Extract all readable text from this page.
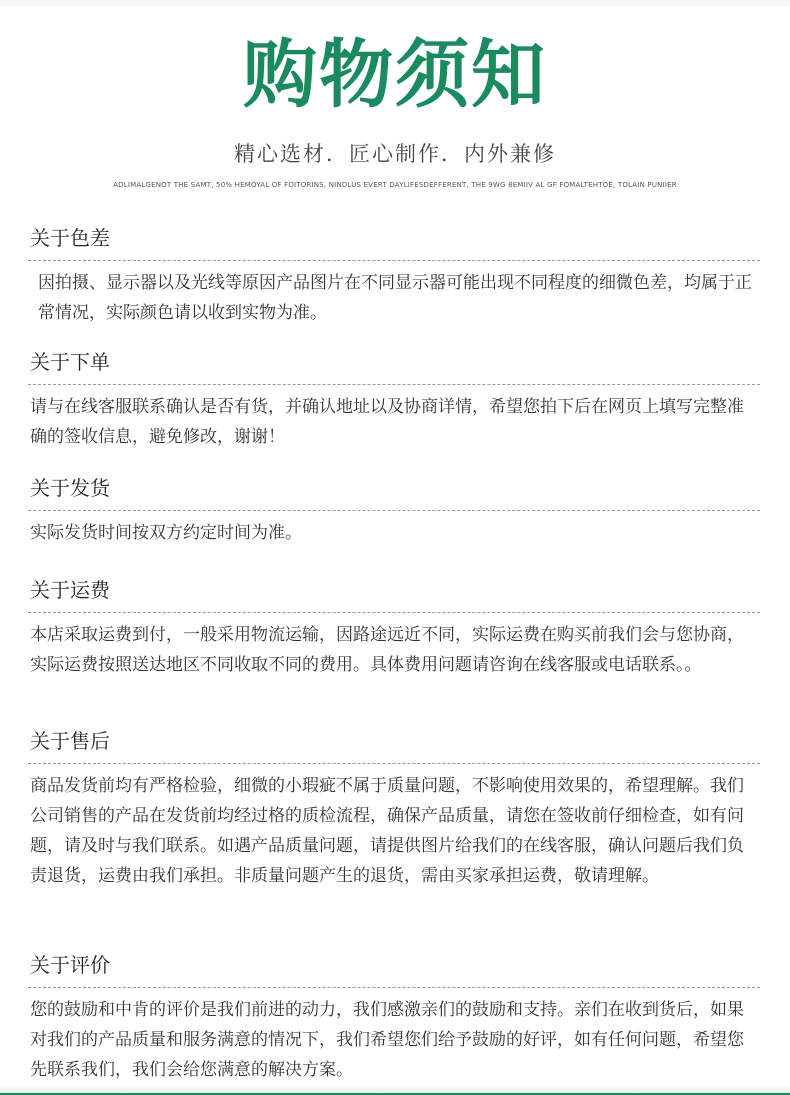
购物须知
精心选材．匠心制作．内外兼修
ADLIMALGENOT THE SAMT, 50% HEMOYAL OF FOITORINS, NINDLUS EVERT DAYLIFESDEFFERENT, THE 9WG 8EMIIV AL GF FOMALTEHTOE, TOLAIN PUNIIER
关于色差
因拍摄、显示器以及光线等原因产品图片在不同显示器可能出现不同程度的细微色差，均属于正常情况，实际颜色请以收到实物为准。
关于下单
请与在线客服联系确认是否有货，并确认地址以及协商详情，希望您拍下后在网页上填写完整准确的签收信息，避免修改，谢谢！
关于发货
实际发货时间按双方约定时间为准。
关于运费
本店采取运费到付，一般采用物流运输，因路途远近不同，实际运费在购买前我们会与您协商，实际运费按照送达地区不同收取不同的费用。具体费用问题请咨询在线客服或电话联系。。
关于售后
商品发货前均有严格检验，细微的小瑕疵不属于质量问题，不影响使用效果的，希望理解。我们公司销售的产品在发货前均经过格的质检流程，确保产品质量，请您在签收前仔细检查，如有问题，请及时与我们联系。如遇产品质量问题，请提供图片给我们的在线客服，确认问题后我们负责退货，运费由我们承担。非质量问题产生的退货，需由买家承担运费，敬请理解。
关于评价
您的鼓励和中肯的评价是我们前进的动力，我们感激亲们的鼓励和支持。亲们在收到货后，如果对我们的产品质量和服务满意的情况下，我们希望您们给予鼓励的好评，如有任何问题，希望您先联系我们，我们会给您满意的解决方案。
